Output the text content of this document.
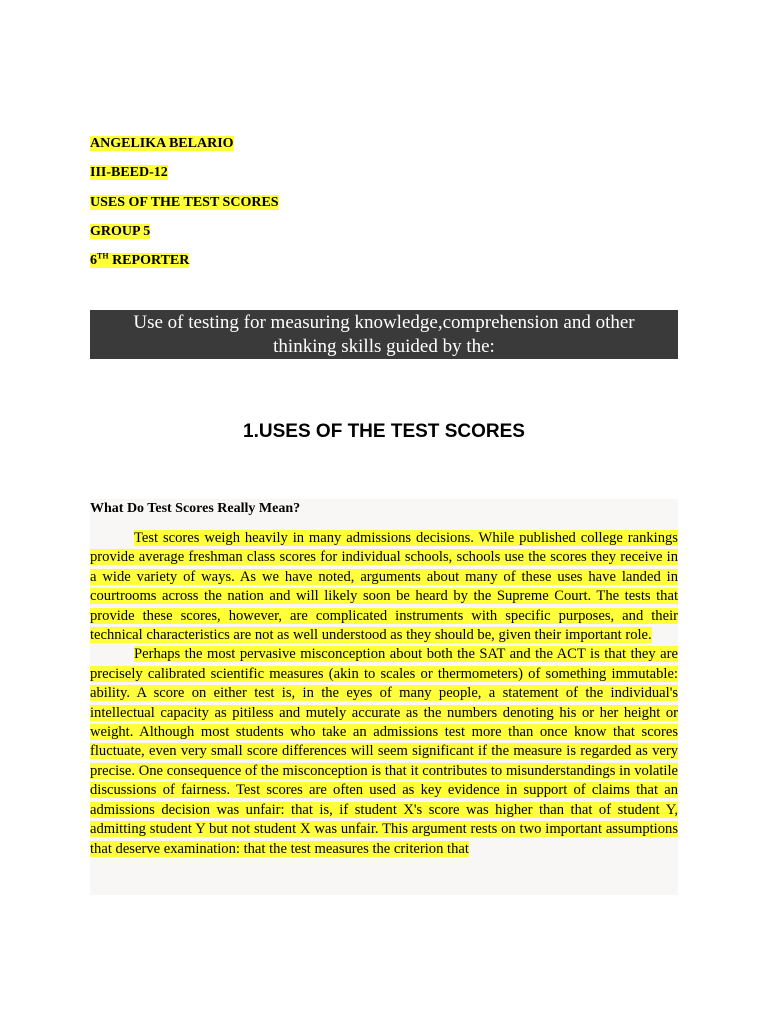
ANGELIKA BELARIO
III-BEED-12
USES OF THE TEST SCORES
GROUP 5
6TH REPORTER
Use of testing for measuring knowledge,comprehension and other
thinking skills guided by the:
1.USES OF THE TEST SCORES
What Do Test Scores Really Mean?

Test scores weigh heavily in many admissions decisions. While published college rankings provide average freshman class scores for individual schools, schools use the scores they receive in a wide variety of ways. As we have noted, arguments about many of these uses have landed in courtrooms across the nation and will likely soon be heard by the Supreme Court. The tests that provide these scores, however, are complicated instruments with specific purposes, and their technical characteristics are not as well understood as they should be, given their important role.

Perhaps the most pervasive misconception about both the SAT and the ACT is that they are precisely calibrated scientific measures (akin to scales or thermometers) of something immutable: ability. A score on either test is, in the eyes of many people, a statement of the individual's intellectual capacity as pitiless and mutely accurate as the numbers denoting his or her height or weight. Although most students who take an admissions test more than once know that scores fluctuate, even very small score differences will seem significant if the measure is regarded as very precise. One consequence of the misconception is that it contributes to misunderstandings in volatile discussions of fairness. Test scores are often used as key evidence in support of claims that an admissions decision was unfair: that is, if student X's score was higher than that of student Y, admitting student Y but not student X was unfair. This argument rests on two important assumptions that deserve examination: that the test measures the criterion that
